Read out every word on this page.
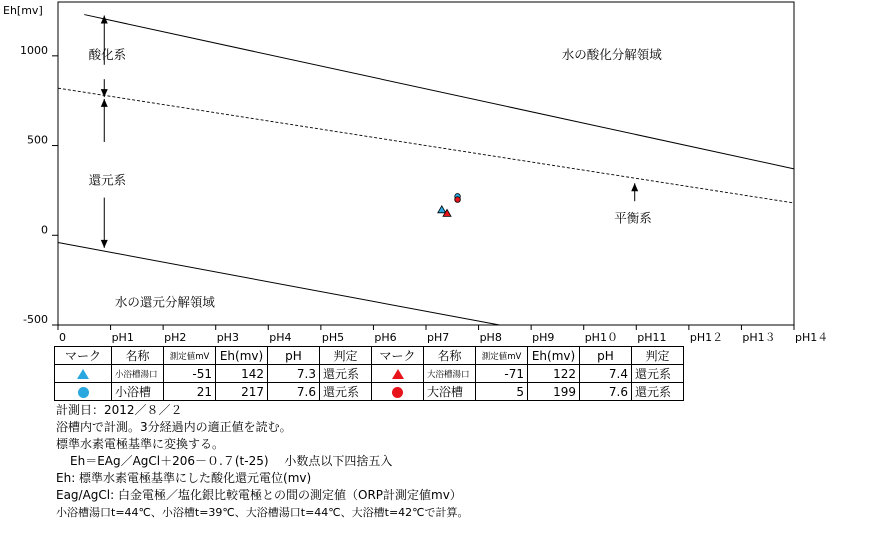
Eh[mv]
1000
500
0
-500
0	pH1	pH2	pH3	pH4	pH5	pH6	pH7	pH8	pH9	pH1０ pH11 pH1２ pH1３ pH1４
酸化系
還元系
水の酸化分解領域
水の還元分解領域
平衡系
マーク	名称	測定値mV	Eh(mv)	pH	判定	マーク	名称	測定値mV	Eh(mv)	pH	判定
	小浴槽湯口	-51	142	7.3	還元系		大浴槽湯口	-71	122	7.4	還元系
	小浴槽	21	217	7.6	還元系		大浴槽	5	199	7.6	還元系
計測日：2012／８／２
浴槽内で計測。3分経過内の適正値を読む。
標準水素電極基準に変換する。
Eh＝EAg／AgCl＋206－０.７(t-25)　 小数点以下四捨五入
Eh: 標準水素電極基準にした酸化還元電位(mv)
Eag/AgCl: 白金電極／塩化銀比較電極との間の測定値（ORP計測定値mv）
小浴槽湯口t=44℃、小浴槽t=39℃、大浴槽湯口t=44℃、大浴槽t=42℃で計算。
